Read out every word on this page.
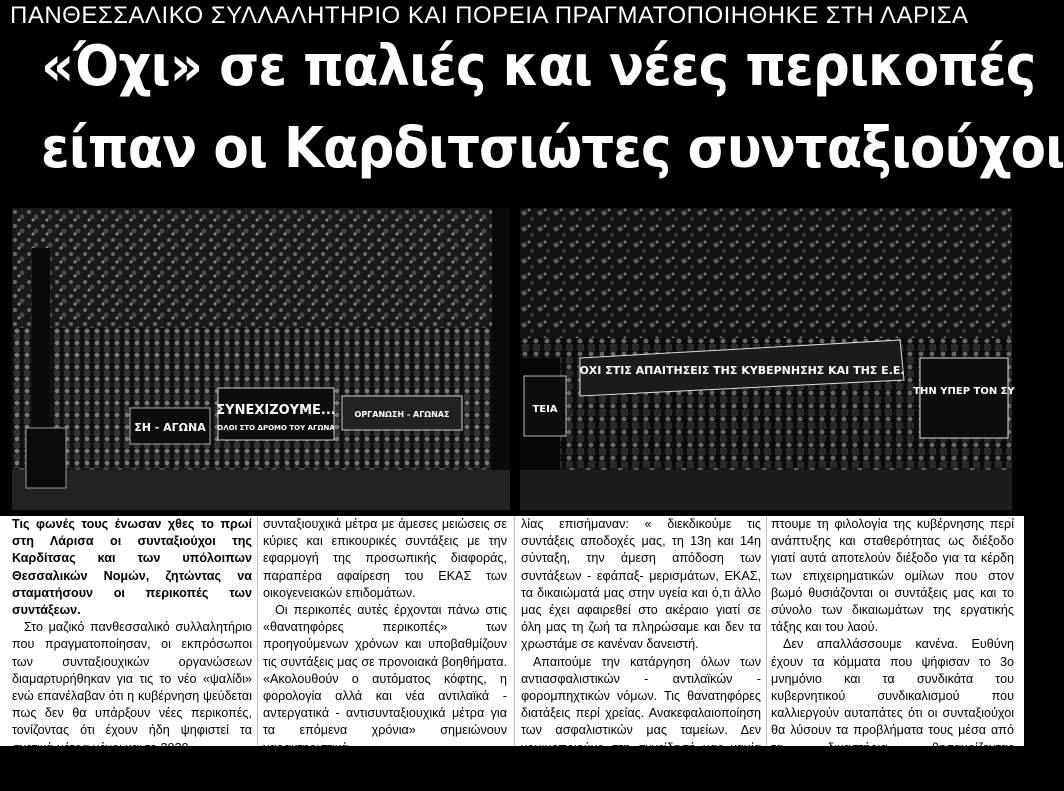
ΠΑΝΘΕΣΣΑΛΙΚΟ ΣΥΛΛΑΛΗΤΗΡΙΟ ΚΑΙ ΠΟΡΕΙΑ ΠΡΑΓΜΑΤΟΠΟΙΗΘΗΚΕ ΣΤΗ ΛΑΡΙΣΑ
«Όχι» σε παλιές και νέες περικοπές
είπαν οι Καρδιτσιώτες συνταξιούχοι
ΣΗ - ΑΓΩΝΑ
ΣΥΝΕΧΙΖΟΥΜΕ...
ΟΛΟΙ ΣΤΟ ΔΡΟΜΟ ΤΟΥ ΑΓΩΝΑ
ΟΡΓΑΝΩΣΗ - ΑΓΩΝΑΣ
ΟΧΙ ΣΤΙΣ ΑΠΑΙΤΗΣΕΙΣ ΤΗΣ ΚΥΒΕΡΝΗΣΗΣ ΚΑΙ ΤΗΣ Ε.Ε.
ΤΗΝ ΥΠΕΡ ΤΟΝ ΣΥ
ΤΕΙΑ

Τις φωνές τους ένωσαν χθες το πρωί στη Λάρισα οι συνταξιούχοι της Καρδίτσας και των υπόλοιπων Θεσσαλικών Νομών, ζητώντας να σταματήσουν οι περικοπές των συντάξεων.

Στο μαζικό πανθεσσαλικό συλλαλητήριο που πραγματοποίησαν, οι εκπρόσωποι των συνταξιουχικών οργανώσεων διαμαρτυρήθηκαν για τις το νέο «ψαλίδι» ενώ επανέλαβαν ότι η κυβέρνηση ψεύδεται πως δεν θα υπάρξουν νέες περικοπές, τονίζοντας ότι έχουν ήδη ψηφιστεί τα σχετικά μέτρα μέχρι και το 2020.

Οι συνταξιούχοι επισημαίνουν πως η κυβέρνηση βάζει σε εφαρμογή τα νέα αντι-

συνταξιουχικά μέτρα με άμεσες μειώσεις σε κύριες και επικουρικές συντάξεις με την εφαρμογή της προσωπικής διαφοράς, παραπέρα αφαίρεση του ΕΚΑΣ των οικογενειακών επιδομάτων.

Οι περικοπές αυτές έρχονται πάνω στις «θανατηφόρες περικοπές» των προηγούμενων χρόνων και υποβαθμίζουν τις συντάξεις μας σε προνοιακά βοηθήματα. «Ακολουθούν ο αυτόματος κόφτης, η φορολογία αλλά και νέα αντιλαϊκά - αντεργατικά - αντισυνταξιουχικά μέτρα για τα επόμενα χρόνια» σημειώνουν χαρακτηριστικά.

Οι συνταξιουχικές οργανώσεις της Θεσσα-

λίας επισήμαναν: « διεκδικούμε τις συντάξεις αποδοχές μας, τη 13η και 14η σύνταξη, την άμεση απόδοση των συντάξεων - εφάπαξ- μερισμάτων, ΕΚΑΣ, τα δικαιώματά μας στην υγεία και ό,τι άλλο μας έχει αφαιρεθεί στο ακέραιο γιατί σε όλη μας τη ζωή τα πληρώσαμε και δεν τα χρωστάμε σε κανέναν δανειστή.

Απαιτούμε την κατάργηση όλων των αντιασφαλιστικών - αντιλαϊκών - φορομπηχτικών νόμων. Τις θανατηφόρες διατάξεις περί χρείας. Ανακεφαλαιοποίηση των ασφαλιστικών μας ταμείων. Δεν νομιμοποιούμε στη συνείδησή μας καμία περικοπή. Απορρί-

πτουμε τη φιλολογία της κυβέρνησης περί ανάπτυξης και σταθερότητας ως διέξοδο γιατί αυτά αποτελούν διέξοδο για τα κέρδη των επιχειρηματικών ομίλων που στον βωμό θυσιάζονται οι συντάξεις μας και το σύνολο των δικαιωμάτων της εργατικής τάξης και του λαού.

Δεν απαλλάσσουμε κανένα. Ευθύνη έχουν τα κόμματα που ψήφισαν το 3ο μνημόνιο και τα συνδικάτα του κυβερνητικού συνδικαλισμού που καλλιεργούν αυταπάτες ότι οι συνταξιούχοι θα λύσουν τα προβλήματα τους μέσα από τα δικαστήρια θησαυρίζοντας μεγαλοδικηγορικά γραφεία απαλλάσσοντας την κυβέρνηση».
